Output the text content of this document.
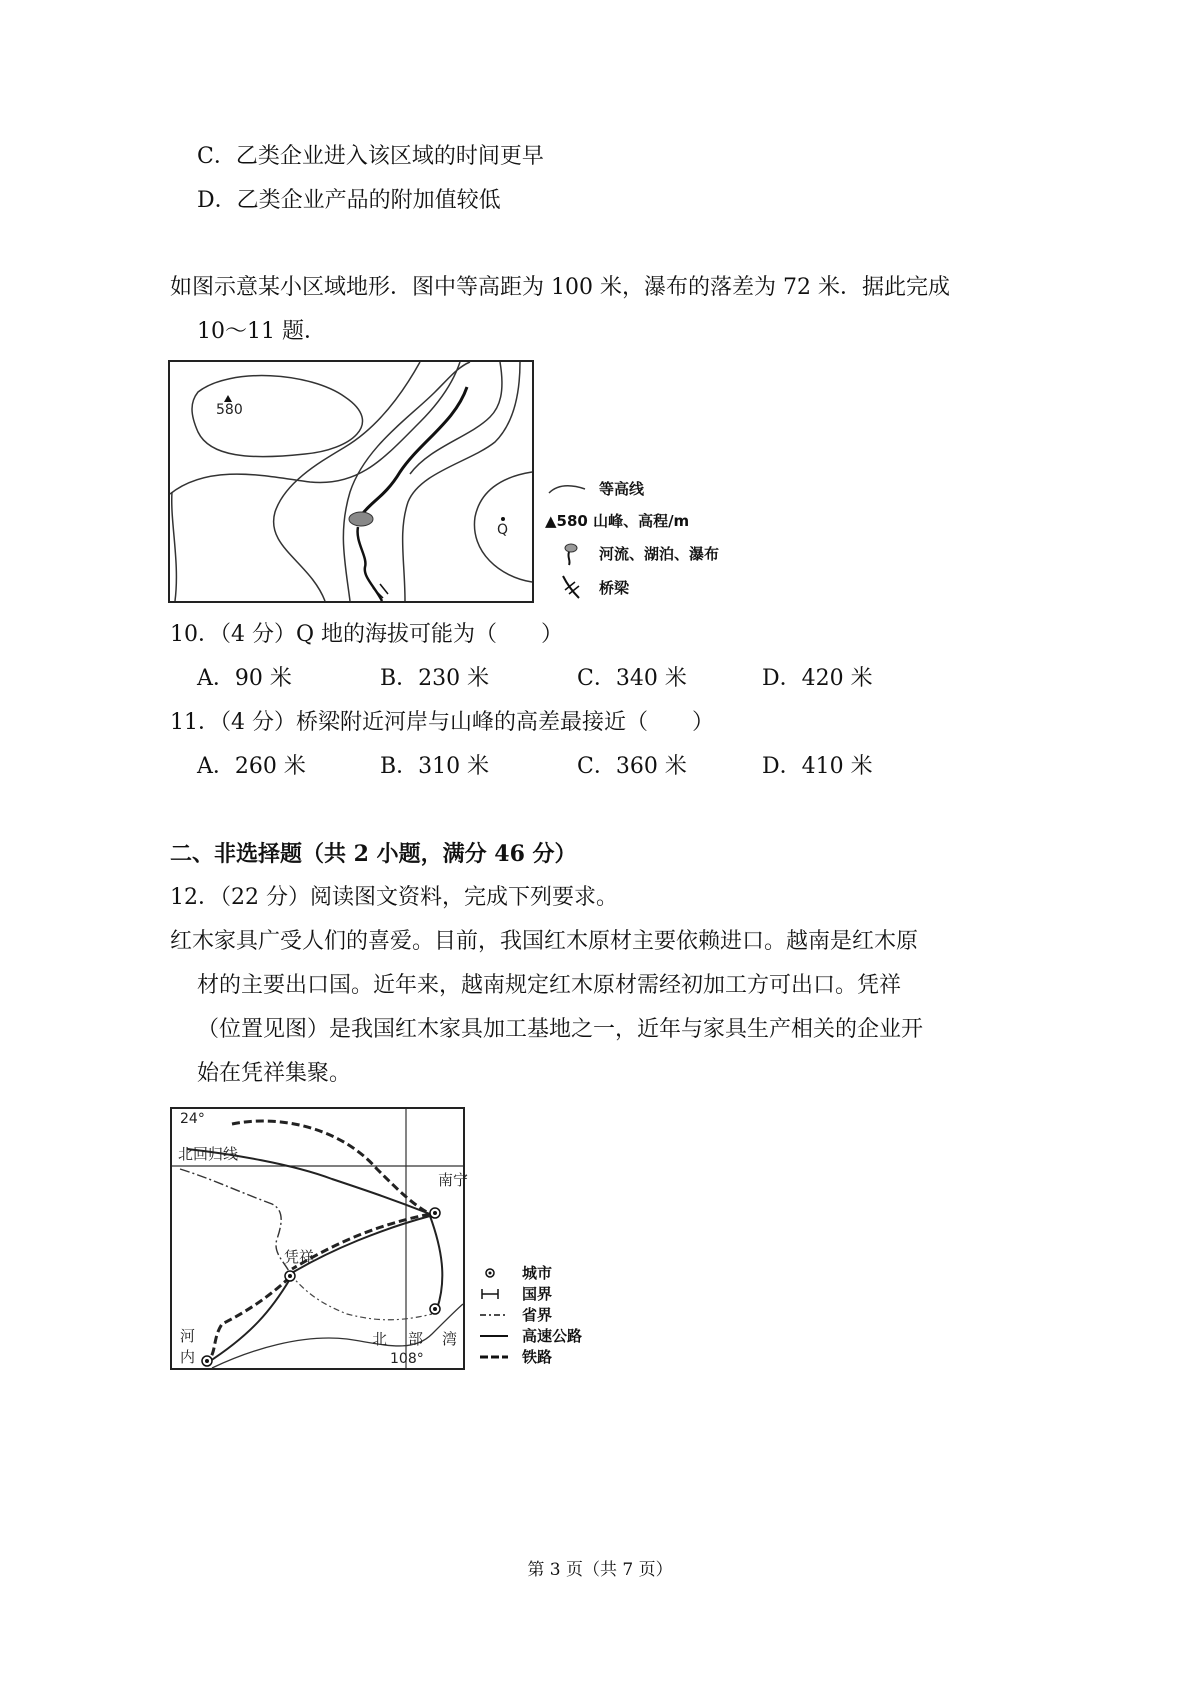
C．乙类企业进入该区域的时间更早
D．乙类企业产品的附加值较低
如图示意某小区域地形．图中等高距为 100 米，瀑布的落差为 72 米．据此完成
10～11 题．
580
Q
等高线
▲580 山峰、高程/m
河流、湖泊、瀑布
桥梁
10．（4 分）Q 地的海拔可能为（　　）
A．90 米	B．230 米	C．340 米	D．420 米
11．（4 分）桥梁附近河岸与山峰的高差最接近（　　）
A．260 米	B．310 米	C．360 米	D．410 米
二、非选择题（共 2 小题，满分 46 分）
12．（22 分）阅读图文资料，完成下列要求。
红木家具广受人们的喜爱。目前，我国红木原材主要依赖进口。越南是红木原
材的主要出口国。近年来，越南规定红木原材需经初加工方可出口。凭祥
（位置见图）是我国红木家具加工基地之一，近年与家具生产相关的企业开
始在凭祥集聚。
24°
北回归线
南宁
凭祥
河
内
北 部 湾
108°
城市
国界
省界
高速公路
铁路
第 3 页（共 7 页）
